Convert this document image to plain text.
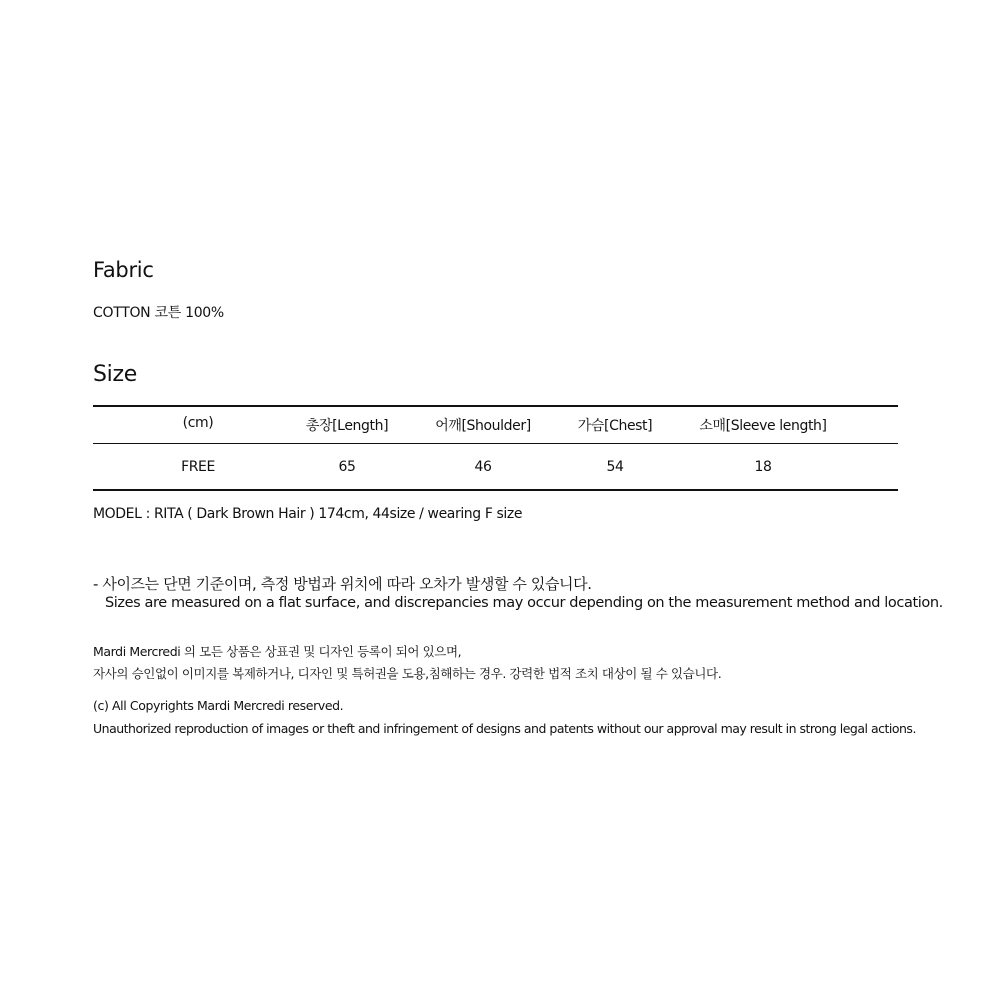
Fabric
COTTON 코튼 100%
Size
(cm)	총장[Length]	어깨[Shoulder]	가슴[Chest]	소매[Sleeve length]
FREE	65	46	54	18
MODEL : RITA ( Dark Brown Hair ) 174cm, 44size / wearing F size
- 사이즈는 단면 기준이며, 측정 방법과 위치에 따라 오차가 발생할 수 있습니다.
Sizes are measured on a flat surface, and discrepancies may occur depending on the measurement method and location.
Mardi Mercredi 의 모든 상품은 상표권 및 디자인 등록이 되어 있으며,
자사의 승인없이 이미지를 복제하거나, 디자인 및 특허권을 도용,침해하는 경우. 강력한 법적 조치 대상이 될 수 있습니다.
(c) All Copyrights Mardi Mercredi reserved.
Unauthorized reproduction of images or theft and infringement of designs and patents without our approval may result in strong legal actions.
